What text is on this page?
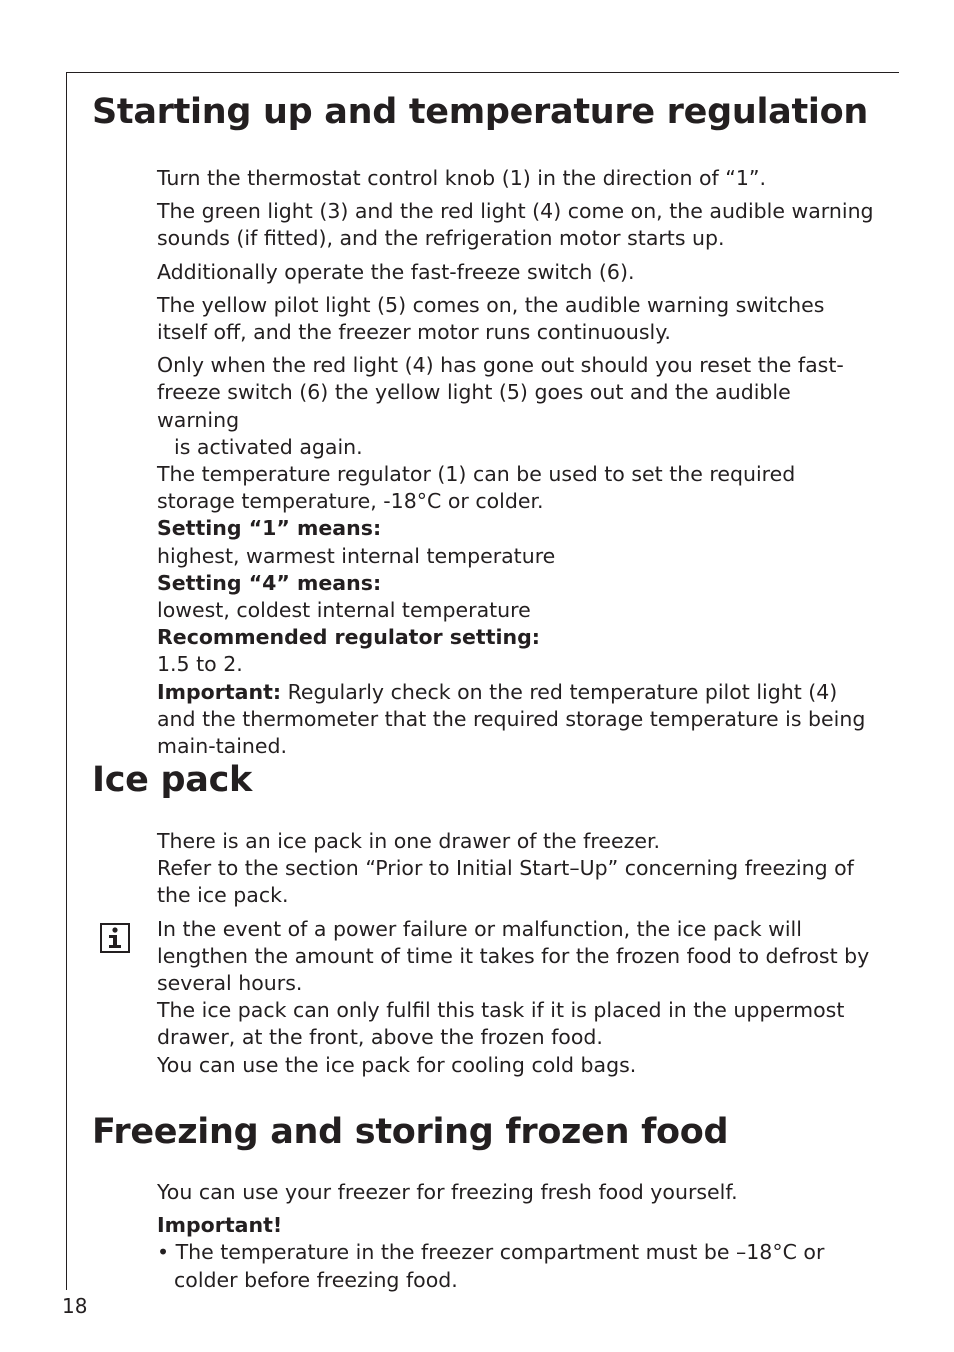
Starting up and temperature regulation

Turn the thermostat control knob (1) in the direction of “1”.

The green light (3) and the red light (4) come on, the audible warning sounds (if fitted), and the refrigeration motor starts up.

Additionally operate the fast-freeze switch (6).

The yellow pilot light (5) comes on, the audible warning switches itself off, and the freezer motor runs continuously.

Only when the red light (4) has gone out should you reset the fast-freeze switch (6) the yellow light (5) goes out and the audible warning

is activated again.

The temperature regulator (1) can be used to set the required storage temperature, -18°C or colder.

Setting “1” means:

highest, warmest internal temperature

Setting “4” means:

lowest, coldest internal temperature

Recommended regulator setting:

1.5 to 2.

Important: Regularly check on the red temperature pilot light (4) and the thermometer that the required storage temperature is being main-tained.

Ice pack

There is an ice pack in one drawer of the freezer.

Refer to the section “Prior to Initial Start–Up” concerning freezing of the ice pack.

In the event of a power failure or malfunction, the ice pack will lengthen the amount of time it takes for the frozen food to defrost by several hours.

The ice pack can only fulfil this task if it is placed in the uppermost drawer, at the front, above the frozen food.

You can use the ice pack for cooling cold bags.

Freezing and storing frozen food

You can use your freezer for freezing fresh food yourself.

Important!

• The temperature in the freezer compartment must be –18°C or colder before freezing food.

18
